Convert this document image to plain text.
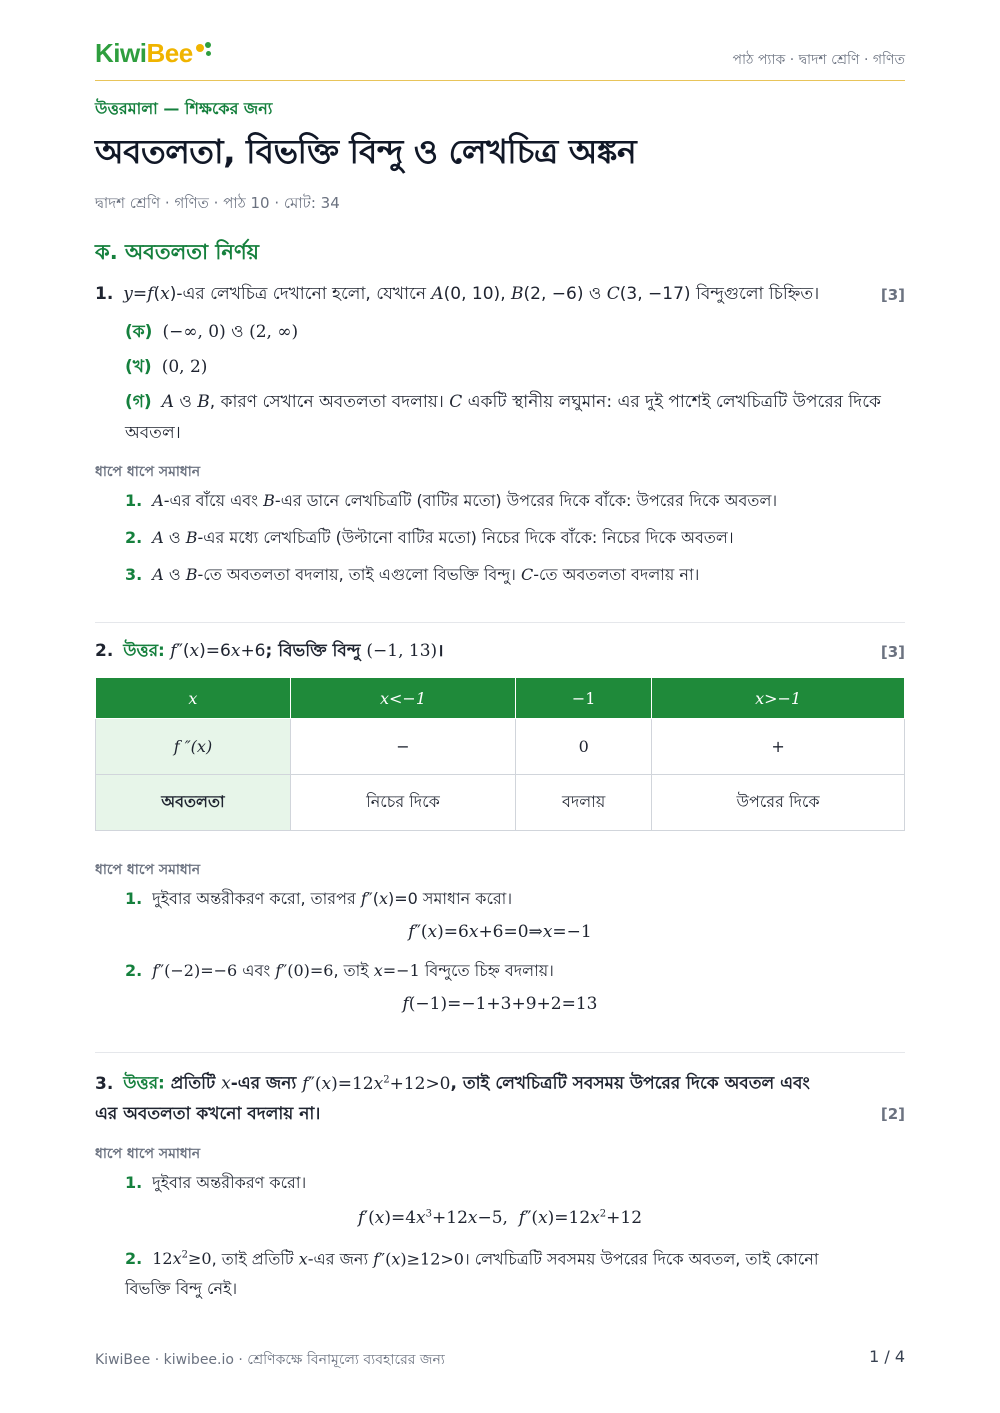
KiwiBee	পাঠ প্যাক · দ্বাদশ শ্রেণি · গণিত
উত্তরমালা — শিক্ষকের জন্য
অবতলতা, বিভক্তি বিন্দু ও লেখচিত্র অঙ্কন
দ্বাদশ শ্রেণি · গণিত · পাঠ 10 · মোট: 34
ক. অবতলতা নির্ণয়
1. y=f(x)-এর লেখচিত্র দেখানো হলো, যেখানে A(0, 10), B(2, −6) ও C(3, −17) বিন্দুগুলো চিহ্নিত।	[3]
(ক) (−∞, 0) ও (2, ∞)
(খ) (0, 2)
(গ) A ও B, কারণ সেখানে অবতলতা বদলায়। C একটি স্থানীয় লঘুমান: এর দুই পাশেই লেখচিত্রটি উপরের দিকে অবতল।
ধাপে ধাপে সমাধান
1. A-এর বাঁয়ে এবং B-এর ডানে লেখচিত্রটি (বাটির মতো) উপরের দিকে বাঁকে: উপরের দিকে অবতল।
2. A ও B-এর মধ্যে লেখচিত্রটি (উল্টানো বাটির মতো) নিচের দিকে বাঁকে: নিচের দিকে অবতল।
3. A ও B-তে অবতলতা বদলায়, তাই এগুলো বিভক্তি বিন্দু। C-তে অবতলতা বদলায় না।
2. উত্তর: f″(x)=6x+6; বিভক্তি বিন্দু (−1, 13)।	[3]
x	x<−1	−1	x>−1
f ″(x)	−	0	+
অবতলতা	নিচের দিকে	বদলায়	উপরের দিকে
ধাপে ধাপে সমাধান
1. দুইবার অন্তরীকরণ করো, তারপর f″(x)=0 সমাধান করো।
f″(x)=6x+6=0⇒x=−1
2. f″(−2)=−6 এবং f″(0)=6, তাই x=−1 বিন্দুতে চিহ্ন বদলায়।
f(−1)=−1+3+9+2=13
3. উত্তর: প্রতিটি x-এর জন্য $f''(x)=12x^2+12>0$, তাই লেখচিত্রটি সবসময় উপরের দিকে অবতল এবং
এর অবতলতা কখনো বদলায় না।	[2]
ধাপে ধাপে সমাধান
1. দুইবার অন্তরীকরণ করো।
$f'(x)=4x^3+12x-5$,  $f''(x)=12x^2+12$
2. $12x^2\ge 0$, তাই প্রতিটি x-এর জন্য f″(x)≥12>0। লেখচিত্রটি সবসময় উপরের দিকে অবতল, তাই কোনো
বিভক্তি বিন্দু নেই।
KiwiBee · kiwibee.io · শ্রেণিকক্ষে বিনামূল্যে ব্যবহারের জন্য	1 / 4
